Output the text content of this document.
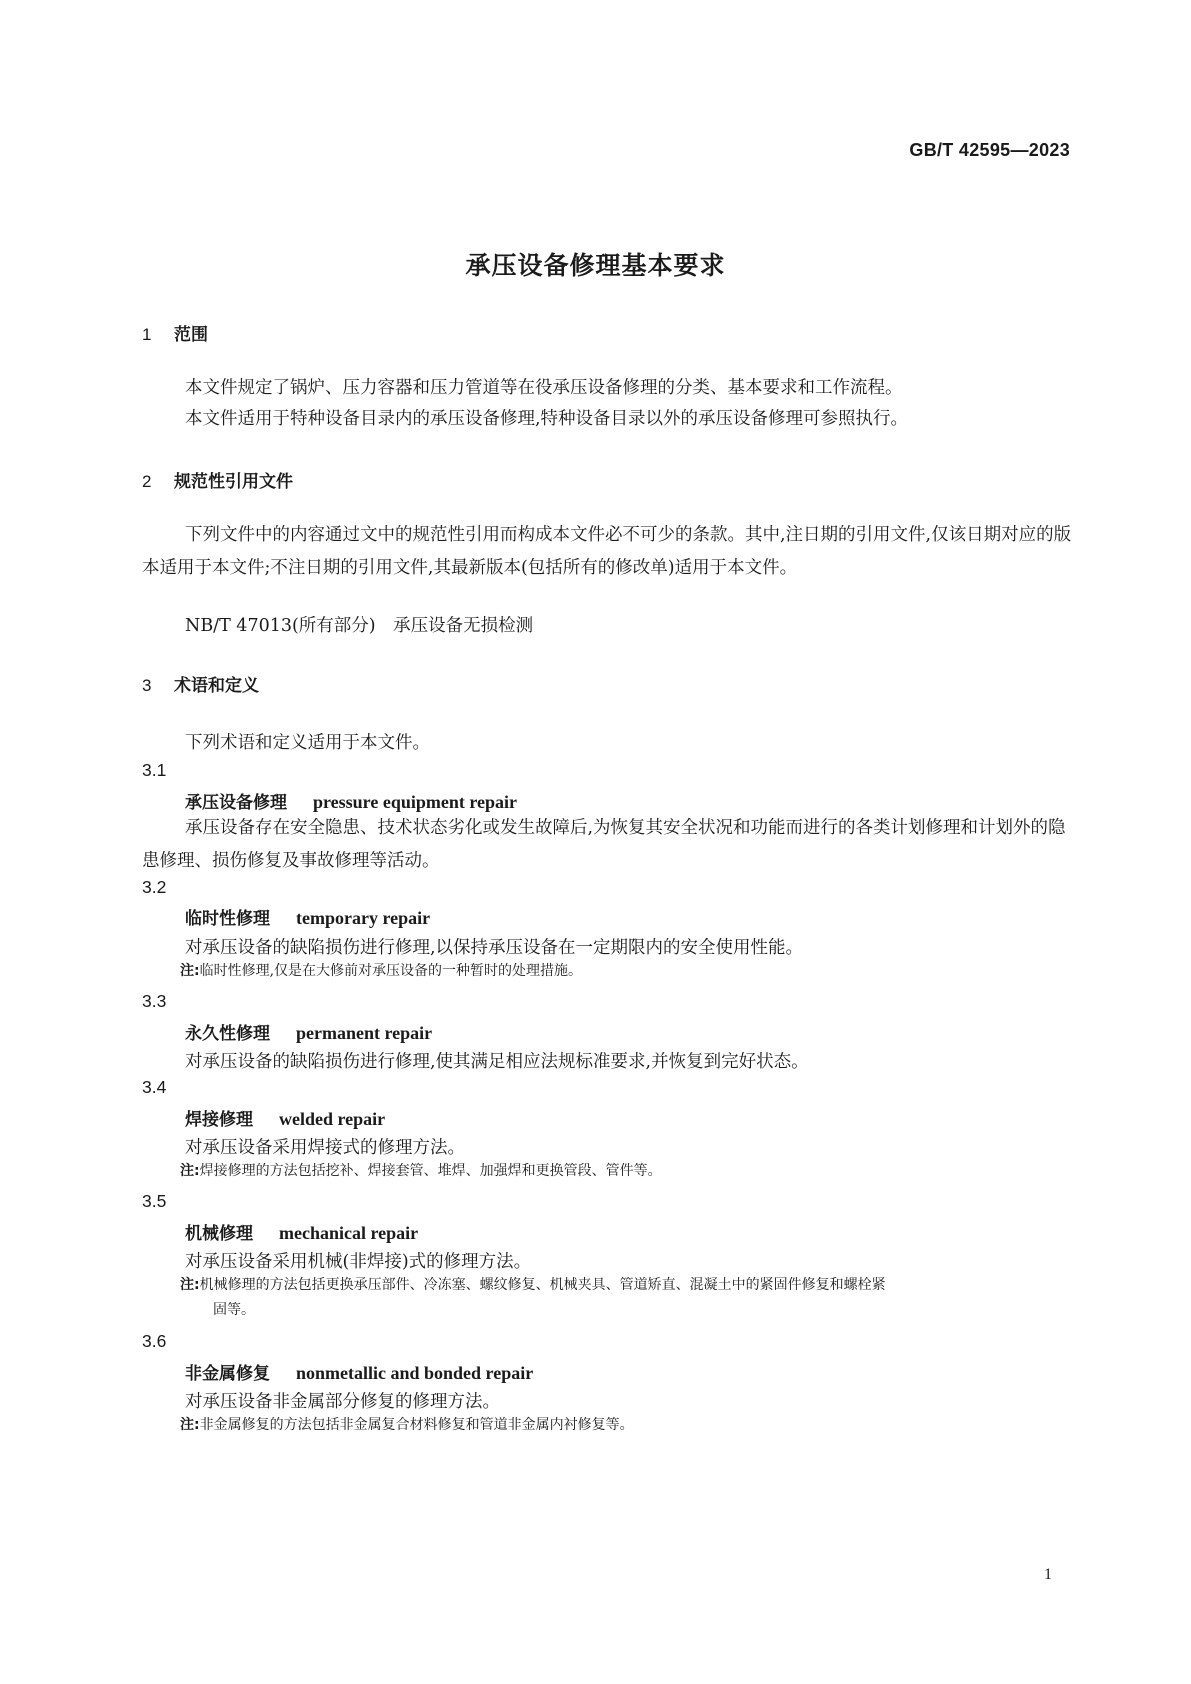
GB/T 42595—2023
承压设备修理基本要求
1 范围
本文件规定了锅炉、压力容器和压力管道等在役承压设备修理的分类、基本要求和工作流程。
本文件适用于特种设备目录内的承压设备修理,特种设备目录以外的承压设备修理可参照执行。
2 规范性引用文件
下列文件中的内容通过文中的规范性引用而构成本文件必不可少的条款。其中,注日期的引用文件,仅该日期对应的版本适用于本文件;不注日期的引用文件,其最新版本(包括所有的修改单)适用于本文件。
NB/T 47013(所有部分)　承压设备无损检测
3 术语和定义
下列术语和定义适用于本文件。
3.1
承压设备修理 pressure equipment repair
承压设备存在安全隐患、技术状态劣化或发生故障后,为恢复其安全状况和功能而进行的各类计划修理和计划外的隐患修理、损伤修复及事故修理等活动。
3.2
临时性修理 temporary repair
对承压设备的缺陷损伤进行修理,以保持承压设备在一定期限内的安全使用性能。
注:临时性修理,仅是在大修前对承压设备的一种暂时的处理措施。
3.3
永久性修理 permanent repair
对承压设备的缺陷损伤进行修理,使其满足相应法规标准要求,并恢复到完好状态。
3.4
焊接修理 welded repair
对承压设备采用焊接式的修理方法。
注:焊接修理的方法包括挖补、焊接套管、堆焊、加强焊和更换管段、管件等。
3.5
机械修理 mechanical repair
对承压设备采用机械(非焊接)式的修理方法。
注:机械修理的方法包括更换承压部件、冷冻塞、螺纹修复、机械夹具、管道矫直、混凝土中的紧固件修复和螺栓紧
固等。
3.6
非金属修复 nonmetallic and bonded repair
对承压设备非金属部分修复的修理方法。
注:非金属修复的方法包括非金属复合材料修复和管道非金属内衬修复等。
1
